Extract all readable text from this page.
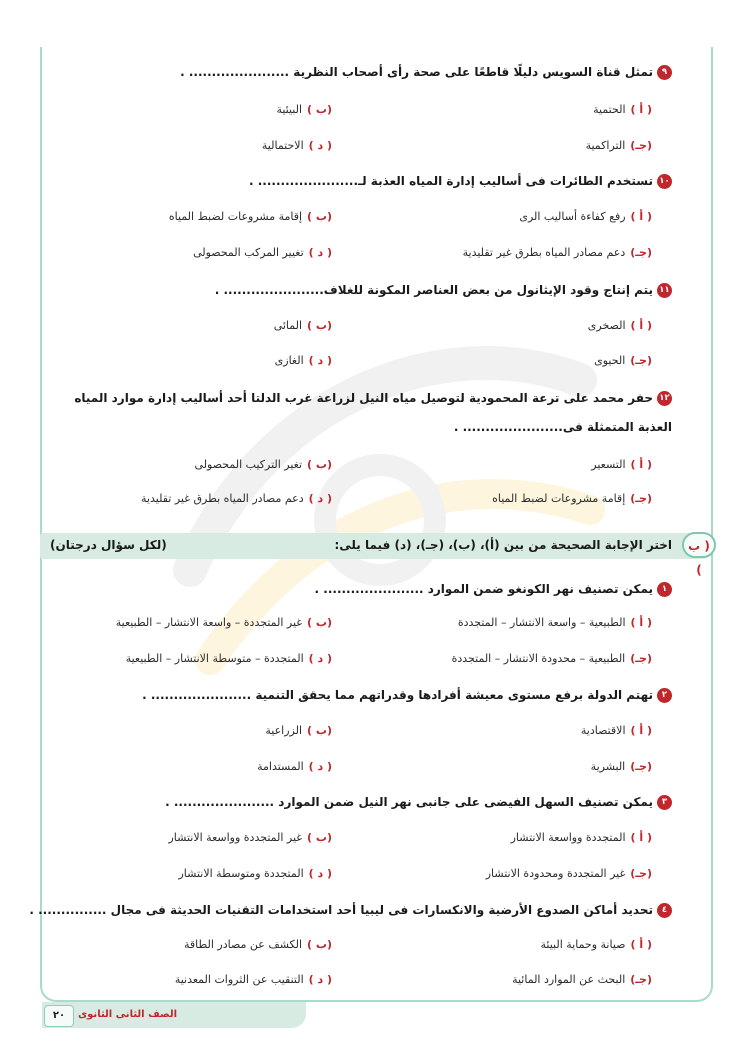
٩تمثل قناة السويس دليلًا قاطعًا على صحة رأى أصحاب النظرية ...................... .
( أ )الحتمية
(ب )البيئية
(جـ)التراكمية
( د )الاحتمالية
١٠تستخدم الطائرات فى أساليب إدارة المياه العذبة لـ...................... .
( أ )رفع كفاءة أساليب الرى
(ب )إقامة مشروعات لضبط المياه
(جـ)دعم مصادر المياه بطرق غير تقليدية
( د )تغيير المركب المحصولى
١١يتم إنتاج وقود الإيثانول من بعض العناصر المكونة للغلاف...................... .
( أ )الصخرى
(ب )المائى
(جـ)الحيوى
( د )الغازى
١٢حفر محمد على ترعة المحمودية لتوصيل مياه النيل لزراعة غرب الدلتا أحد أساليب إدارة موارد المياه العذبة المتمثلة فى...................... .
( أ )التسعير
(ب )تغير التركيب المحصولى
(جـ)إقامة مشروعات لضبط المياه
( د )دعم مصادر المياه بطرق غير تقليدية
( ب )
اختر الإجابة الصحيحة من بين (أ)، (ب)، (جـ)، (د) فيما يلى:
(لكل سؤال درجتان)
١يمكن تصنيف نهر الكونغو ضمن الموارد ...................... .
( أ )الطبيعية – واسعة الانتشار – المتجددة
(ب )غير المتجددة – واسعة الانتشار – الطبيعية
(جـ)الطبيعية – محدودة الانتشار – المتجددة
( د )المتجددة – متوسطة الانتشار – الطبيعية
٢تهتم الدولة برفع مستوى معيشة أفرادها وقدراتهم مما يحقق التنمية ...................... .
( أ )الاقتصادية
(ب )الزراعية
(جـ)البشرية
( د )المستدامة
٣يمكن تصنيف السهل الفيضى على جانبى نهر النيل ضمن الموارد ...................... .
( أ )المتجددة وواسعة الانتشار
(ب )غير المتجددة وواسعة الانتشار
(جـ)غير المتجددة ومحدودة الانتشار
( د )المتجددة ومتوسطة الانتشار
٤تحديد أماكن الصدوع الأرضية والانكسارات فى ليبيا أحد استخدامات التقنيات الحديثة فى مجال ............... .
( أ )صيانة وحماية البيئة
(ب )الكشف عن مصادر الطاقة
(جـ)البحث عن الموارد المائية
( د )التنقيب عن الثروات المعدنية
٢٠	الصف الثانى الثانوى
